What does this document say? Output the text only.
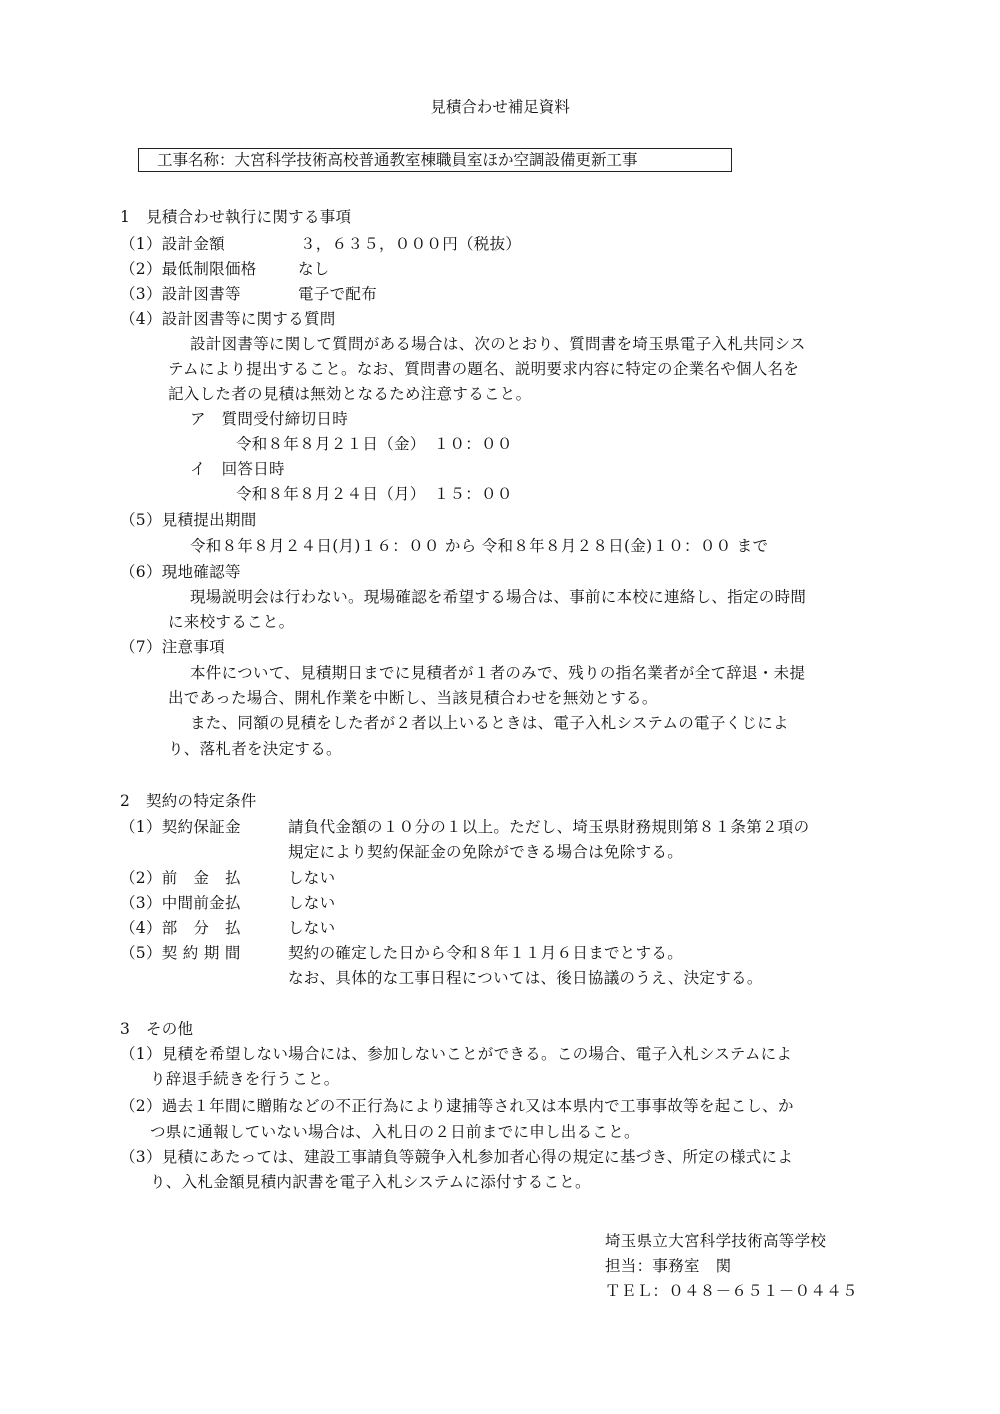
見積合わせ補足資料
工事名称：大宮科学技術高校普通教室棟職員室ほか空調設備更新工事
1　見積合わせ執行に関する事項
（1）設計金額	３，６３５，０００円（税抜）
（2）最低制限価格	なし
（3）設計図書等	電子で配布
（4）設計図書等に関する質問
設計図書等に関して質問がある場合は、次のとおり、質問書を埼玉県電子入札共同シス
テムにより提出すること。なお、質問書の題名、説明要求内容に特定の企業名や個人名を
記入した者の見積は無効となるため注意すること。
ア　質問受付締切日時
令和８年８月２１日（金）　１０：００
イ　回答日時
令和８年８月２４日（月）　１５：００
（5）見積提出期間
令和８年８月２４日(月)１６：００ から 令和８年８月２８日(金)１０：００ まで
（6）現地確認等
現場説明会は行わない。現場確認を希望する場合は、事前に本校に連絡し、指定の時間
に来校すること。
（7）注意事項
本件について、見積期日までに見積者が１者のみで、残りの指名業者が全て辞退・未提
出であった場合、開札作業を中断し、当該見積合わせを無効とする。
また、同額の見積をした者が２者以上いるときは、電子入札システムの電子くじによ
り、落札者を決定する。
2　契約の特定条件
（1）契約保証金	請負代金額の１０分の１以上。ただし、埼玉県財務規則第８１条第２項の
規定により契約保証金の免除ができる場合は免除する。
（2）前　金　払	しない
（3）中間前金払	しない
（4）部　分　払	しない
（5）契 約 期 間	契約の確定した日から令和８年１１月６日までとする。
なお、具体的な工事日程については、後日協議のうえ、決定する。
3　その他
（1）見積を希望しない場合には、参加しないことができる。この場合、電子入札システムによ
り辞退手続きを行うこと。
（2）過去１年間に贈賄などの不正行為により逮捕等され又は本県内で工事事故等を起こし、か
つ県に通報していない場合は、入札日の２日前までに申し出ること。
（3）見積にあたっては、建設工事請負等競争入札参加者心得の規定に基づき、所定の様式によ
り、入札金額見積内訳書を電子入札システムに添付すること。
埼玉県立大宮科学技術高等学校
担当：事務室　関
ＴＥＬ：０４８－６５１－０４４５
